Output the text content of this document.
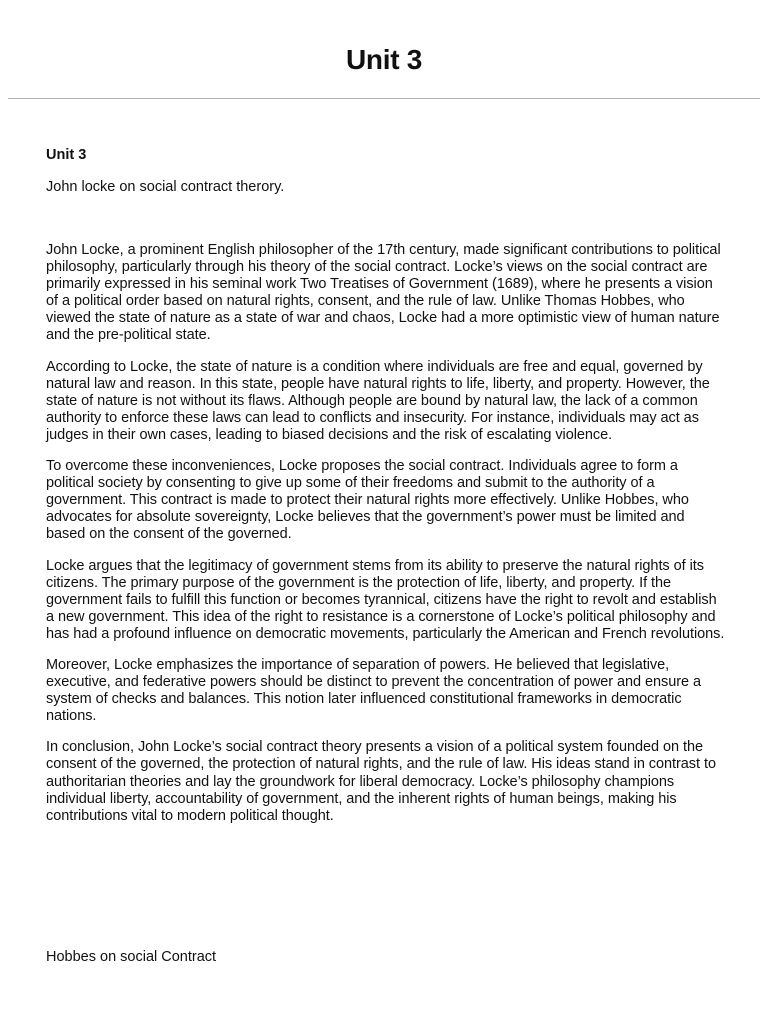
Unit 3

Unit 3

John locke on social contract therory.

John Locke, a prominent English philosopher of the 17th century, made significant contributions to political philosophy, particularly through his theory of the social contract. Locke’s views on the social contract are primarily expressed in his seminal work Two Treatises of Government (1689), where he presents a vision of a political order based on natural rights, consent, and the rule of law. Unlike Thomas Hobbes, who viewed the state of nature as a state of war and chaos, Locke had a more optimistic view of human nature and the pre-political state.

According to Locke, the state of nature is a condition where individuals are free and equal, governed by natural law and reason. In this state, people have natural rights to life, liberty, and property. However, the state of nature is not without its flaws. Although people are bound by natural law, the lack of a common authority to enforce these laws can lead to conflicts and insecurity. For instance, individuals may act as judges in their own cases, leading to biased decisions and the risk of escalating violence.

To overcome these inconveniences, Locke proposes the social contract. Individuals agree to form a political society by consenting to give up some of their freedoms and submit to the authority of a government. This contract is made to protect their natural rights more effectively. Unlike Hobbes, who advocates for absolute sovereignty, Locke believes that the government’s power must be limited and based on the consent of the governed.

Locke argues that the legitimacy of government stems from its ability to preserve the natural rights of its citizens. The primary purpose of the government is the protection of life, liberty, and property. If the government fails to fulfill this function or becomes tyrannical, citizens have the right to revolt and establish a new government. This idea of the right to resistance is a cornerstone of Locke’s political philosophy and has had a profound influence on democratic movements, particularly the American and French revolutions.

Moreover, Locke emphasizes the importance of separation of powers. He believed that legislative, executive, and federative powers should be distinct to prevent the concentration of power and ensure a system of checks and balances. This notion later influenced constitutional frameworks in democratic nations.

In conclusion, John Locke’s social contract theory presents a vision of a political system founded on the consent of the governed, the protection of natural rights, and the rule of law. His ideas stand in contrast to authoritarian theories and lay the groundwork for liberal democracy. Locke’s philosophy champions individual liberty, accountability of government, and the inherent rights of human beings, making his contributions vital to modern political thought.

Hobbes on social Contract
